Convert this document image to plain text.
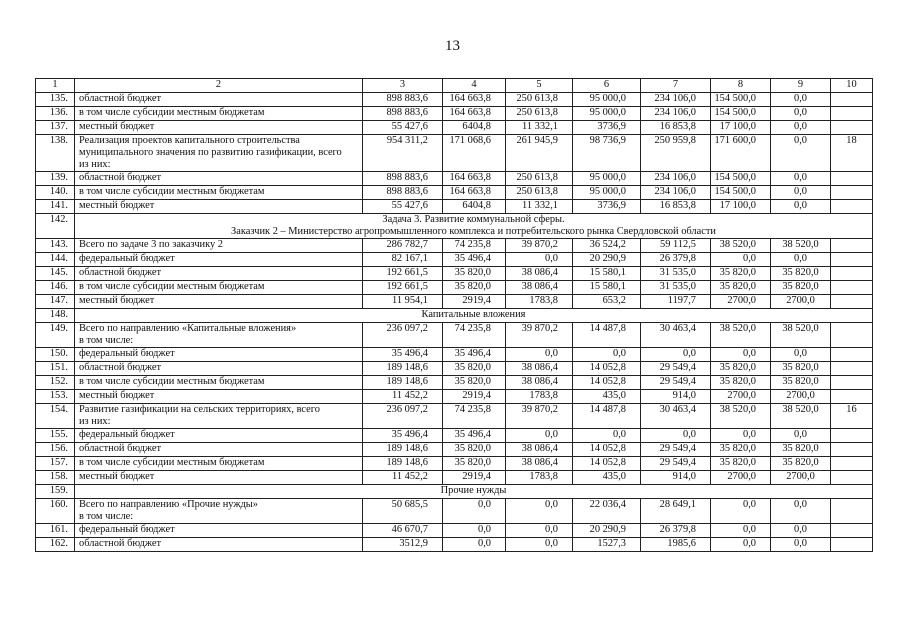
13
1	2	3	4	5	6	7	8	9	10
135.	областной бюджет	898 883,6	164 663,8	250 613,8	95 000,0	234 106,0	154 500,0	0,0	
136.	в том числе субсидии местным бюджетам	898 883,6	164 663,8	250 613,8	95 000,0	234 106,0	154 500,0	0,0	
137.	местный бюджет	55 427,6	6404,8	11 332,1	3736,9	16 853,8	17 100,0	0,0	
138.	Реализация проектов капитального строительства муниципального значения по развитию газификации, всего
из них:	954 311,2	171 068,6	261 945,9	98 736,9	250 959,8	171 600,0	0,0	18
139.	областной бюджет	898 883,6	164 663,8	250 613,8	95 000,0	234 106,0	154 500,0	0,0	
140.	в том числе субсидии местным бюджетам	898 883,6	164 663,8	250 613,8	95 000,0	234 106,0	154 500,0	0,0	
141.	местный бюджет	55 427,6	6404,8	11 332,1	3736,9	16 853,8	17 100,0	0,0	
142.	Задача 3. Развитие коммунальной сферы.
Заказчик 2 – Министерство агропромышленного комплекса и потребительского рынка Свердловской области								

143.	Всего по задаче 3 по заказчику 2	286 782,7	74 235,8	39 870,2	36 524,2	59 112,5	38 520,0	38 520,0	
144.	федеральный бюджет	82 167,1	35 496,4	0,0	20 290,9	26 379,8	0,0	0,0	
145.	областной бюджет	192 661,5	35 820,0	38 086,4	15 580,1	31 535,0	35 820,0	35 820,0	
146.	в том числе субсидии местным бюджетам	192 661,5	35 820,0	38 086,4	15 580,1	31 535,0	35 820,0	35 820,0	
147.	местный бюджет	11 954,1	2919,4	1783,8	653,2	1197,7	2700,0	2700,0	
148.	Капитальные вложения								

149.	Всего по направлению «Капитальные вложения»
в том числе:	236 097,2	74 235,8	39 870,2	14 487,8	30 463,4	38 520,0	38 520,0	
150.	федеральный бюджет	35 496,4	35 496,4	0,0	0,0	0,0	0,0	0,0	
151.	областной бюджет	189 148,6	35 820,0	38 086,4	14 052,8	29 549,4	35 820,0	35 820,0	
152.	в том числе субсидии местным бюджетам	189 148,6	35 820,0	38 086,4	14 052,8	29 549,4	35 820,0	35 820,0	
153.	местный бюджет	11 452,2	2919,4	1783,8	435,0	914,0	2700,0	2700,0	
154.	Развитие газификации на сельских территориях, всего
из них:	236 097,2	74 235,8	39 870,2	14 487,8	30 463,4	38 520,0	38 520,0	16
155.	федеральный бюджет	35 496,4	35 496,4	0,0	0,0	0,0	0,0	0,0	
156.	областной бюджет	189 148,6	35 820,0	38 086,4	14 052,8	29 549,4	35 820,0	35 820,0	
157.	в том числе субсидии местным бюджетам	189 148,6	35 820,0	38 086,4	14 052,8	29 549,4	35 820,0	35 820,0	
158.	местный бюджет	11 452,2	2919,4	1783,8	435,0	914,0	2700,0	2700,0	
159.	Прочие нужды								

160.	Всего по направлению «Прочие нужды»
в том числе:	50 685,5	0,0	0,0	22 036,4	28 649,1	0,0	0,0	
161.	федеральный бюджет	46 670,7	0,0	0,0	20 290,9	26 379,8	0,0	0,0	
162.	областной бюджет	3512,9	0,0	0,0	1527,3	1985,6	0,0	0,0	
